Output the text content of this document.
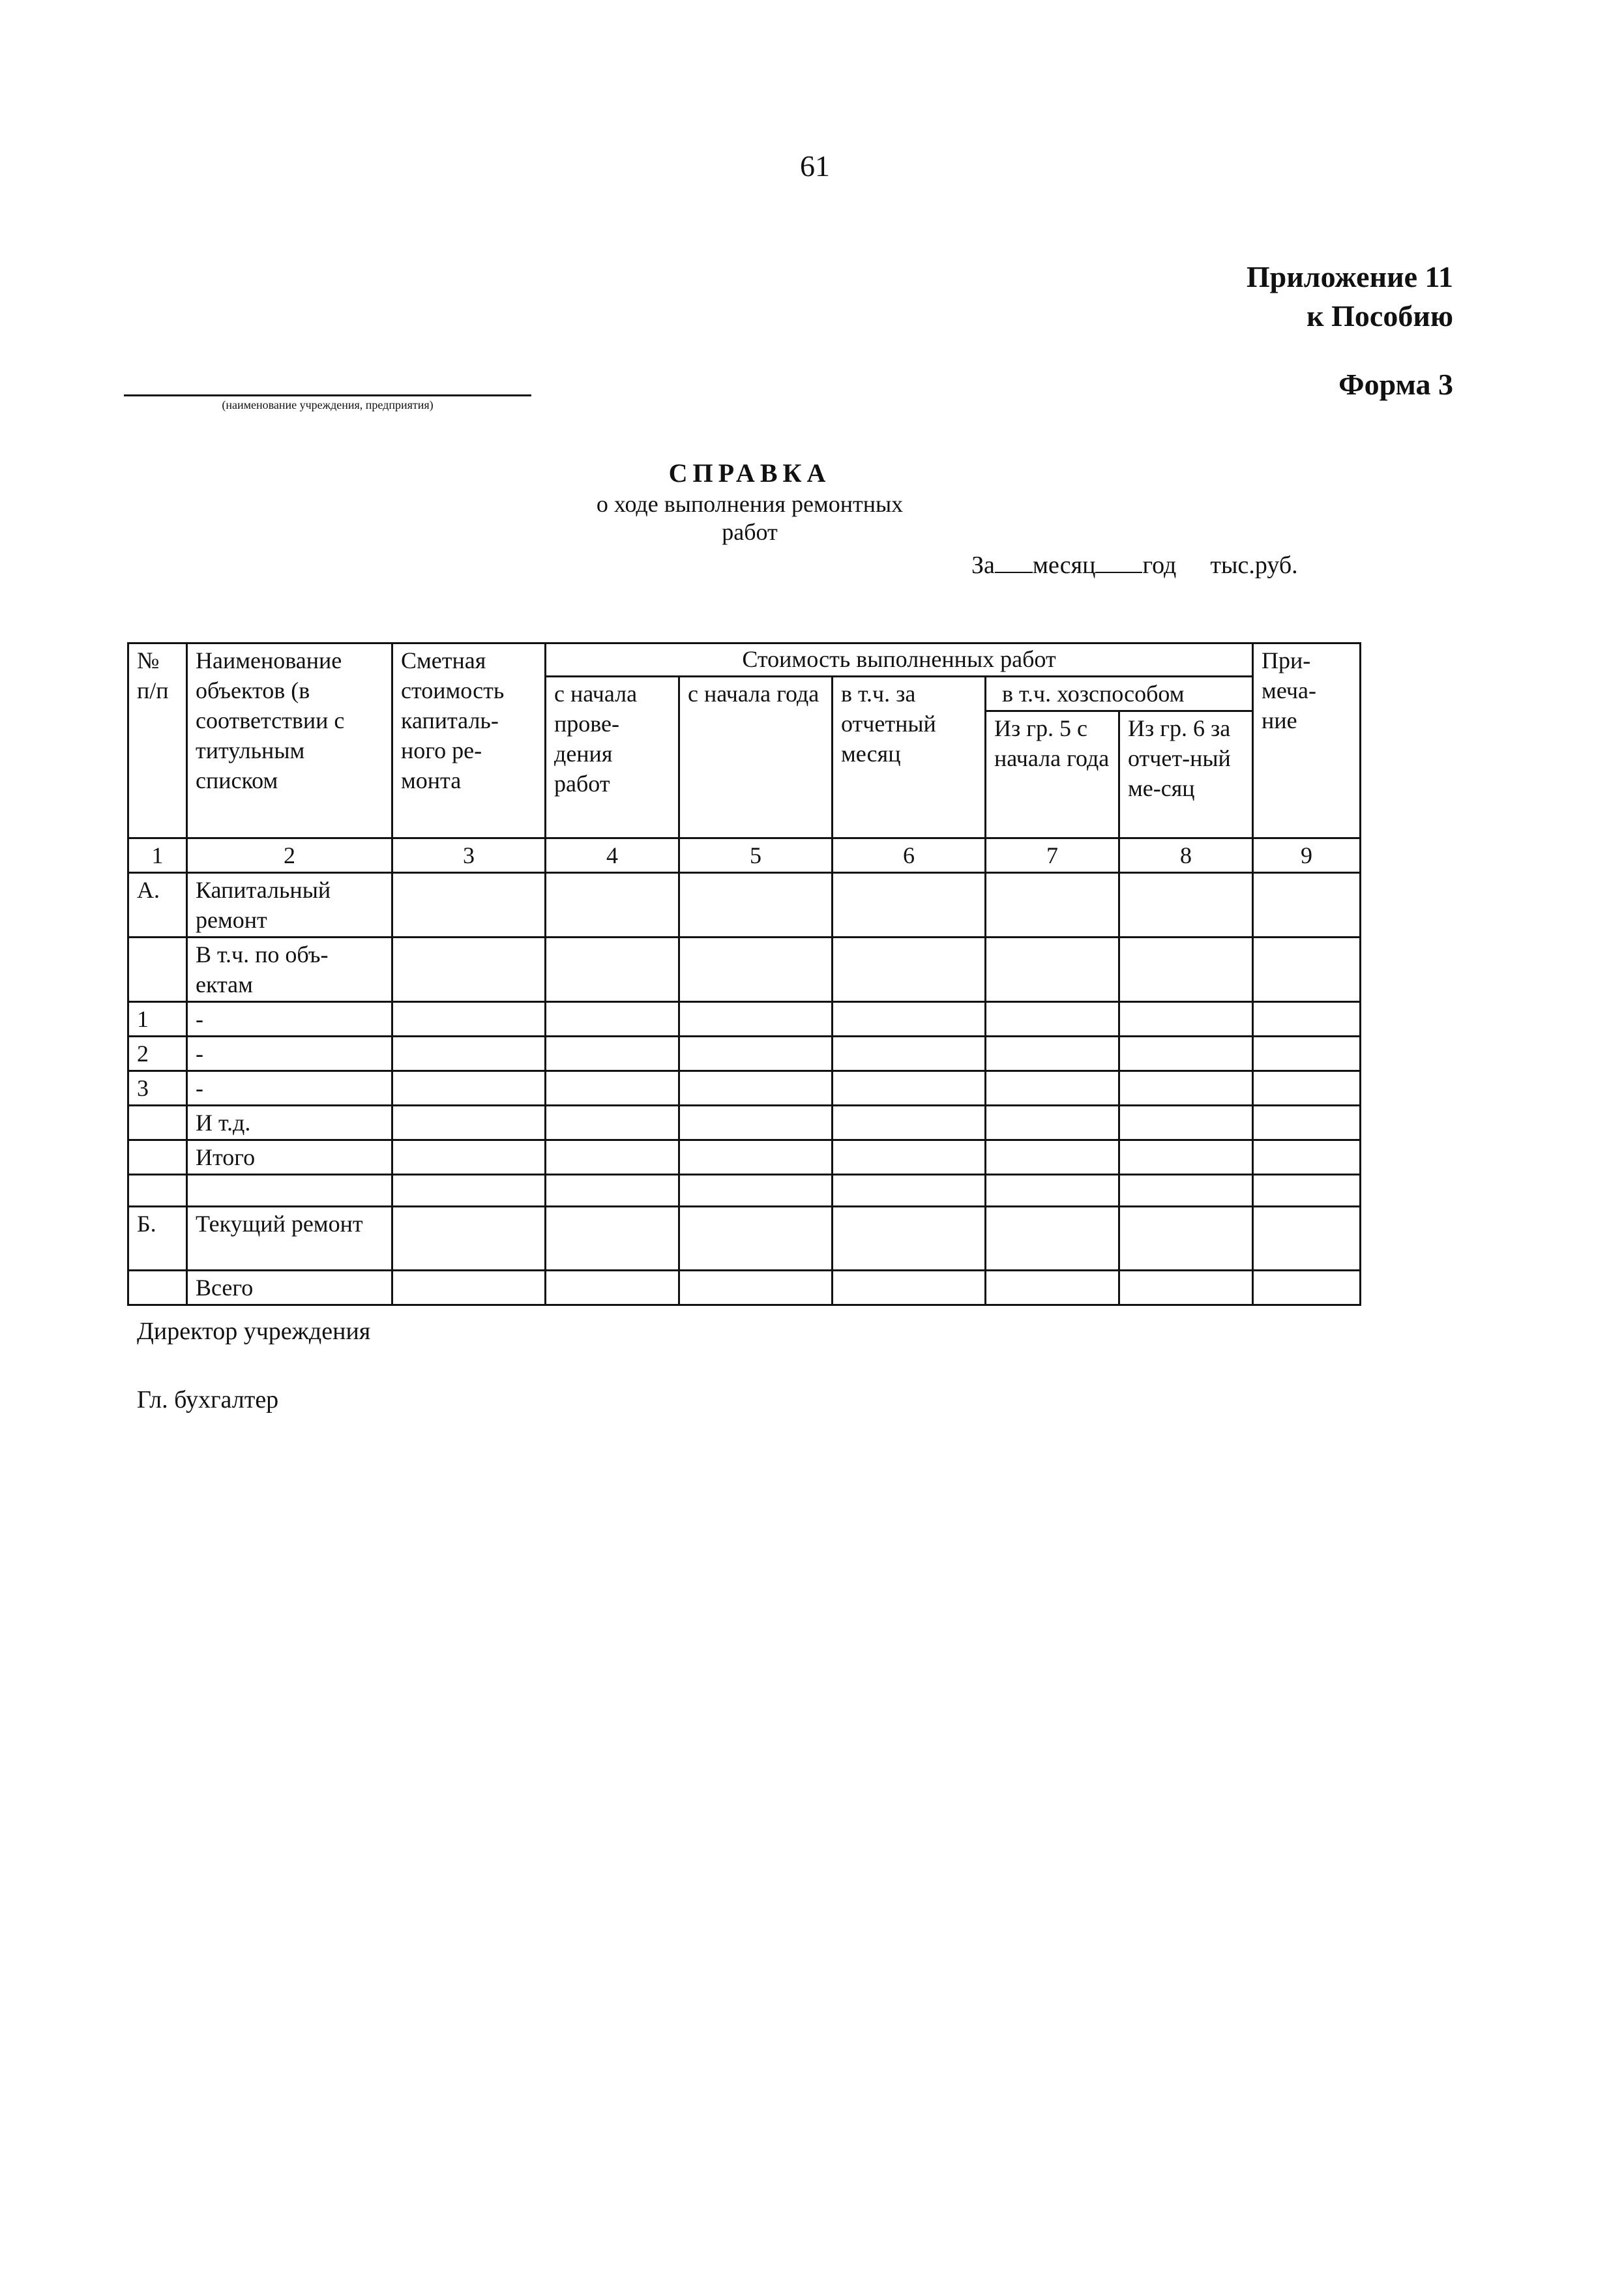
61
Приложение 11
к Пособию
Форма 3
(наименование учреждения, предприятия)
СПРАВКА
о ходе выполнения ремонтных
работ
За месяц год тыс.руб.
№ п/п	Наименование объектов (в соответствии с титульным списком	Сметная стоимость капиталь-ного ре-монта	Стоимость выполненных работ					При-меча-ние
			с начала прове-дения работ	с начала года	в т.ч. за отчетный месяц	в т.ч. хозспособом		
						Из гр. 5 с начала года	Из гр. 6 за отчет-ный ме-сяц	
1	2	3	4	5	6	7	8	9
А.	Капитальный ремонт							
	В т.ч. по объ-ектам							
1	-							
2	-							
3	-							
	И т.д.							
	Итого							

Б.	Текущий ремонт							
	Всего							
Директор учреждения
Гл. бухгалтер
